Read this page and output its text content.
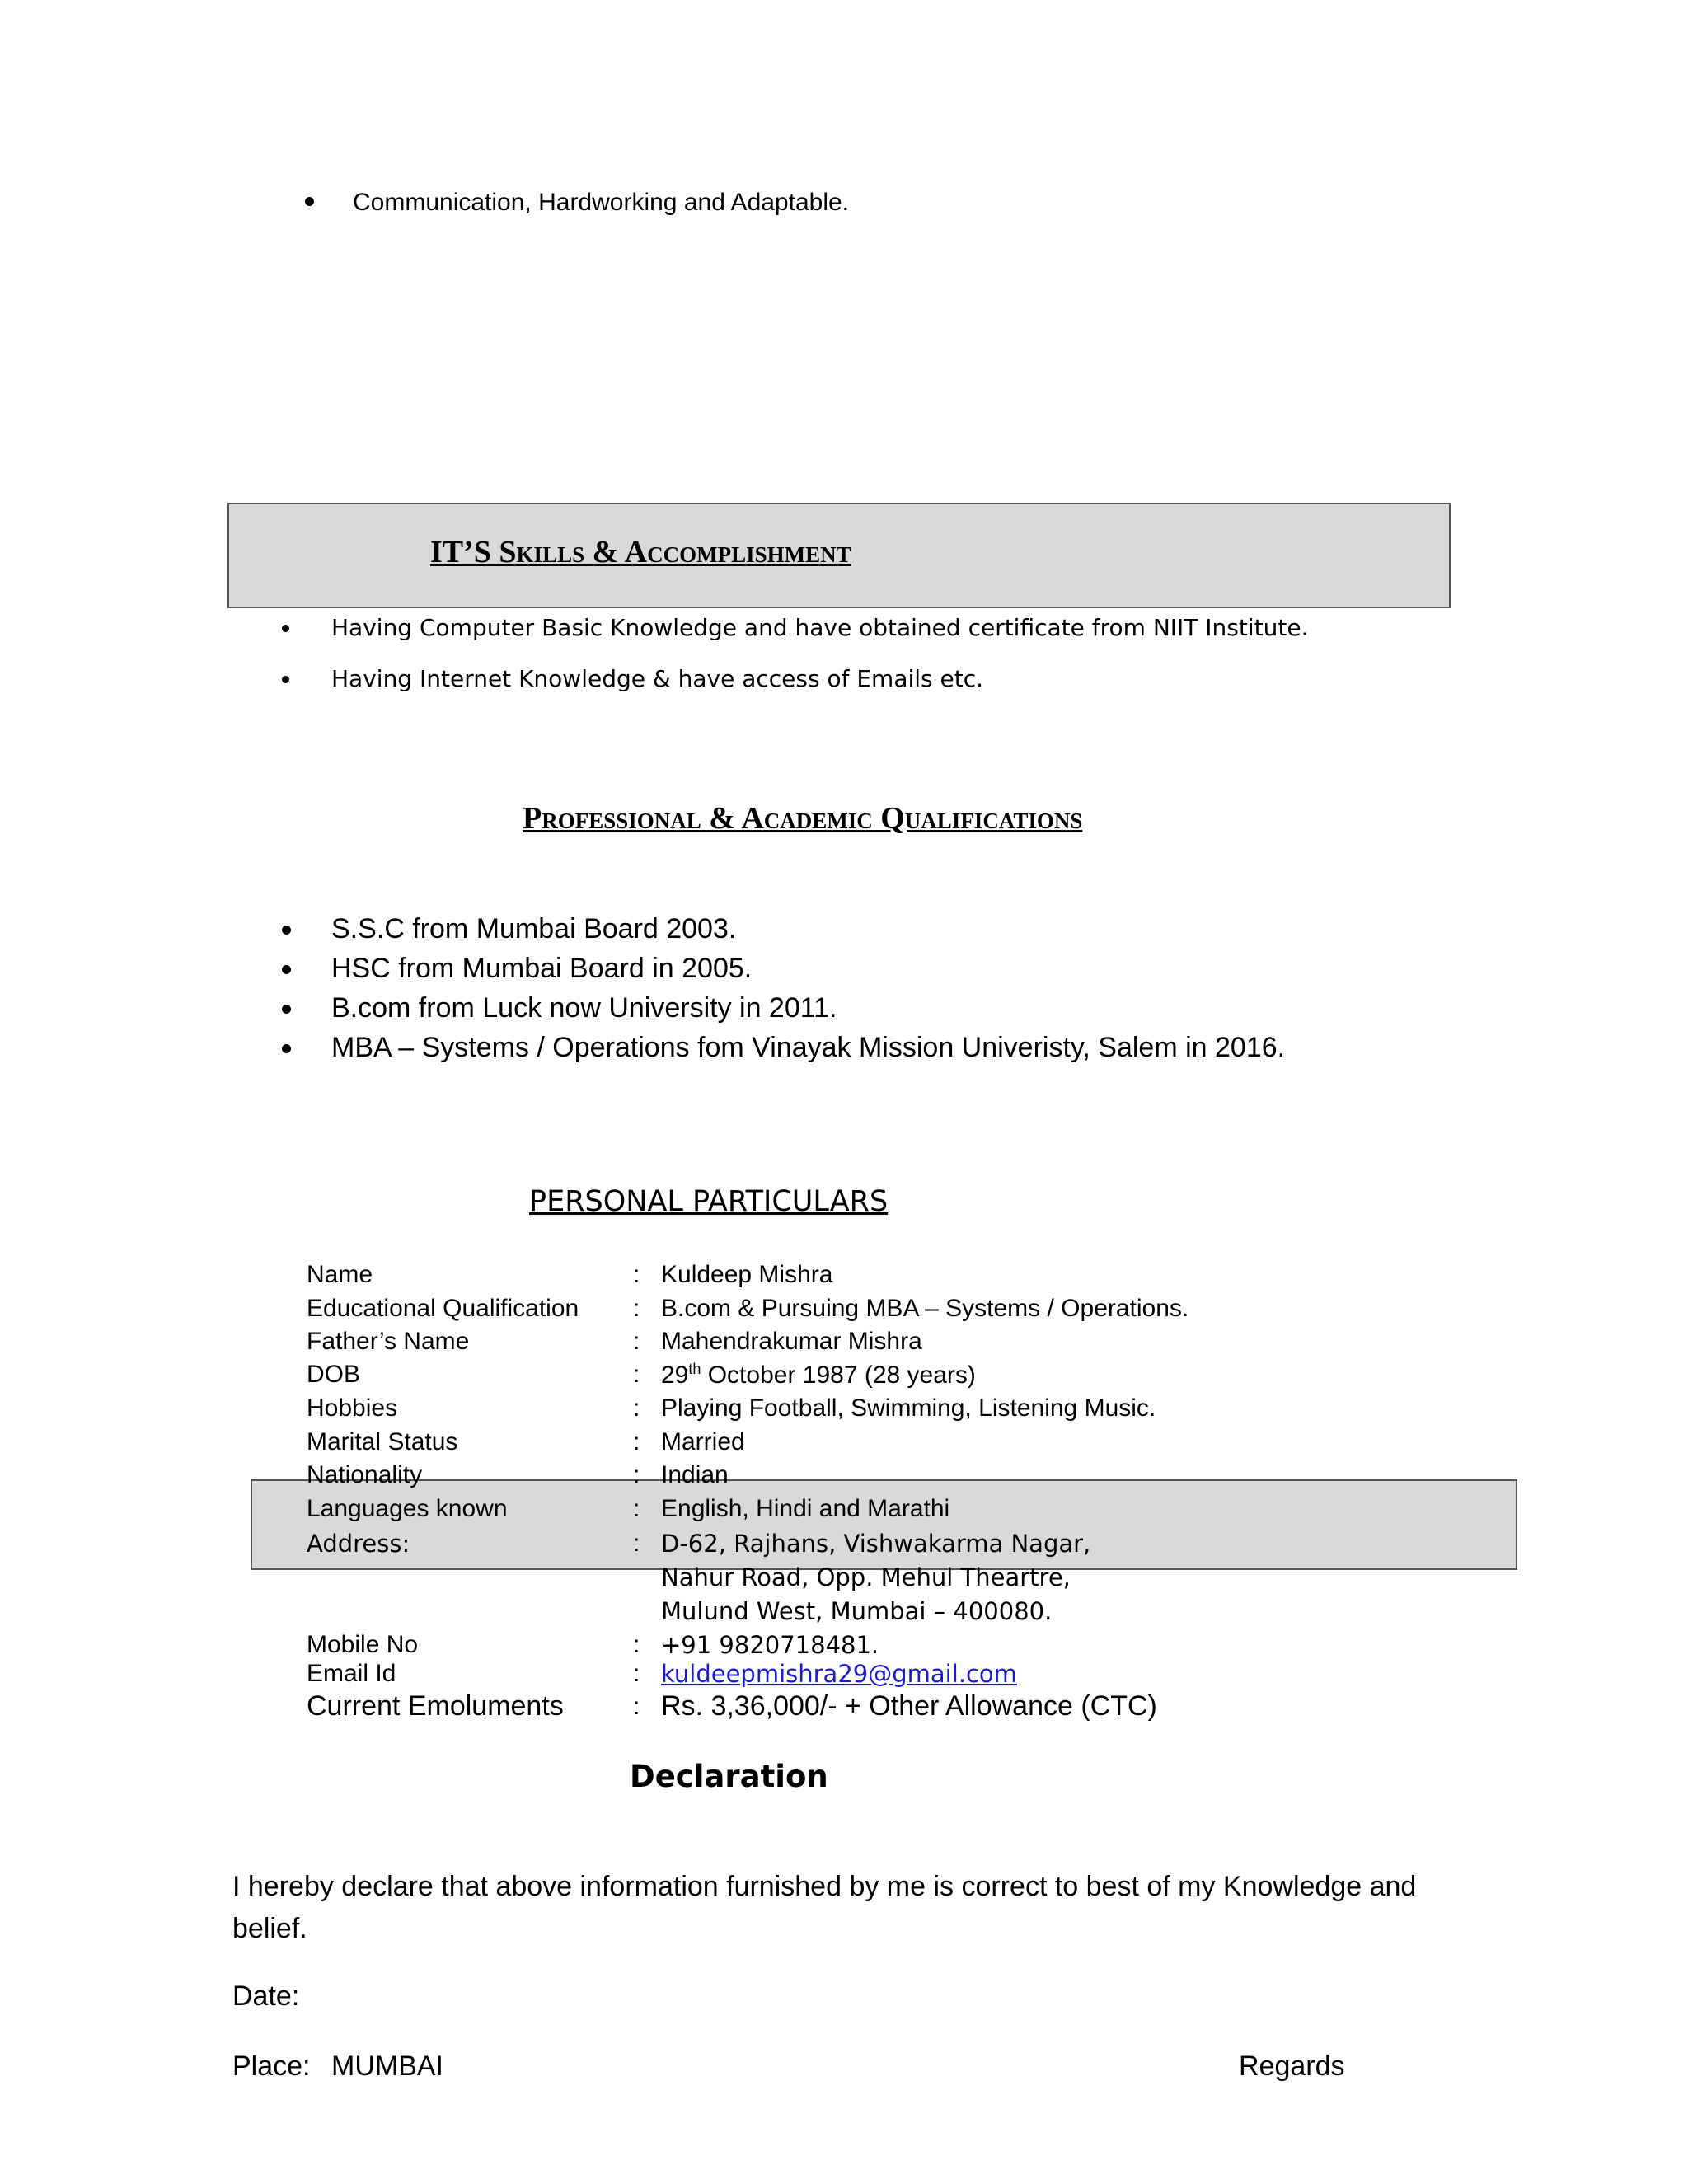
Communication, Hardworking and Adaptable.
IT’S Skills & Accomplishment
Having Computer Basic Knowledge and have obtained certificate from NIIT Institute.
Having Internet Knowledge & have access of Emails etc.
Professional & Academic Qualifications
S.S.C from Mumbai Board 2003.
HSC from Mumbai Board in 2005.
B.com from Luck now University in 2011.
MBA – Systems / Operations fom Vinayak Mission Univeristy, Salem in 2016.
PERSONAL PARTICULARS
Name	: Kuldeep Mishra
Educational Qualification : B.com & Pursuing MBA – Systems / Operations.
Father’s Name	: Mahendrakumar Mishra
DOB	: 29th October 1987 (28 years)
Hobbies	: Playing Football, Swimming, Listening Music.
Marital Status	: Married
Nationality	: Indian
Languages known	: English, Hindi and Marathi
Address:	: D-62, Rajhans, Vishwakarma Nagar,
Nahur Road, Opp. Mehul Theartre,
Mulund West, Mumbai – 400080.
Mobile No	: +91 9820718481.
Email Id	: kuldeepmishra29@gmail.com
Current Emoluments	: Rs. 3,36,000/- + Other Allowance (CTC)
Declaration
I hereby declare that above information furnished by me is correct to best of my Knowledge and belief.
Date:
Place: MUMBAI	Regards
